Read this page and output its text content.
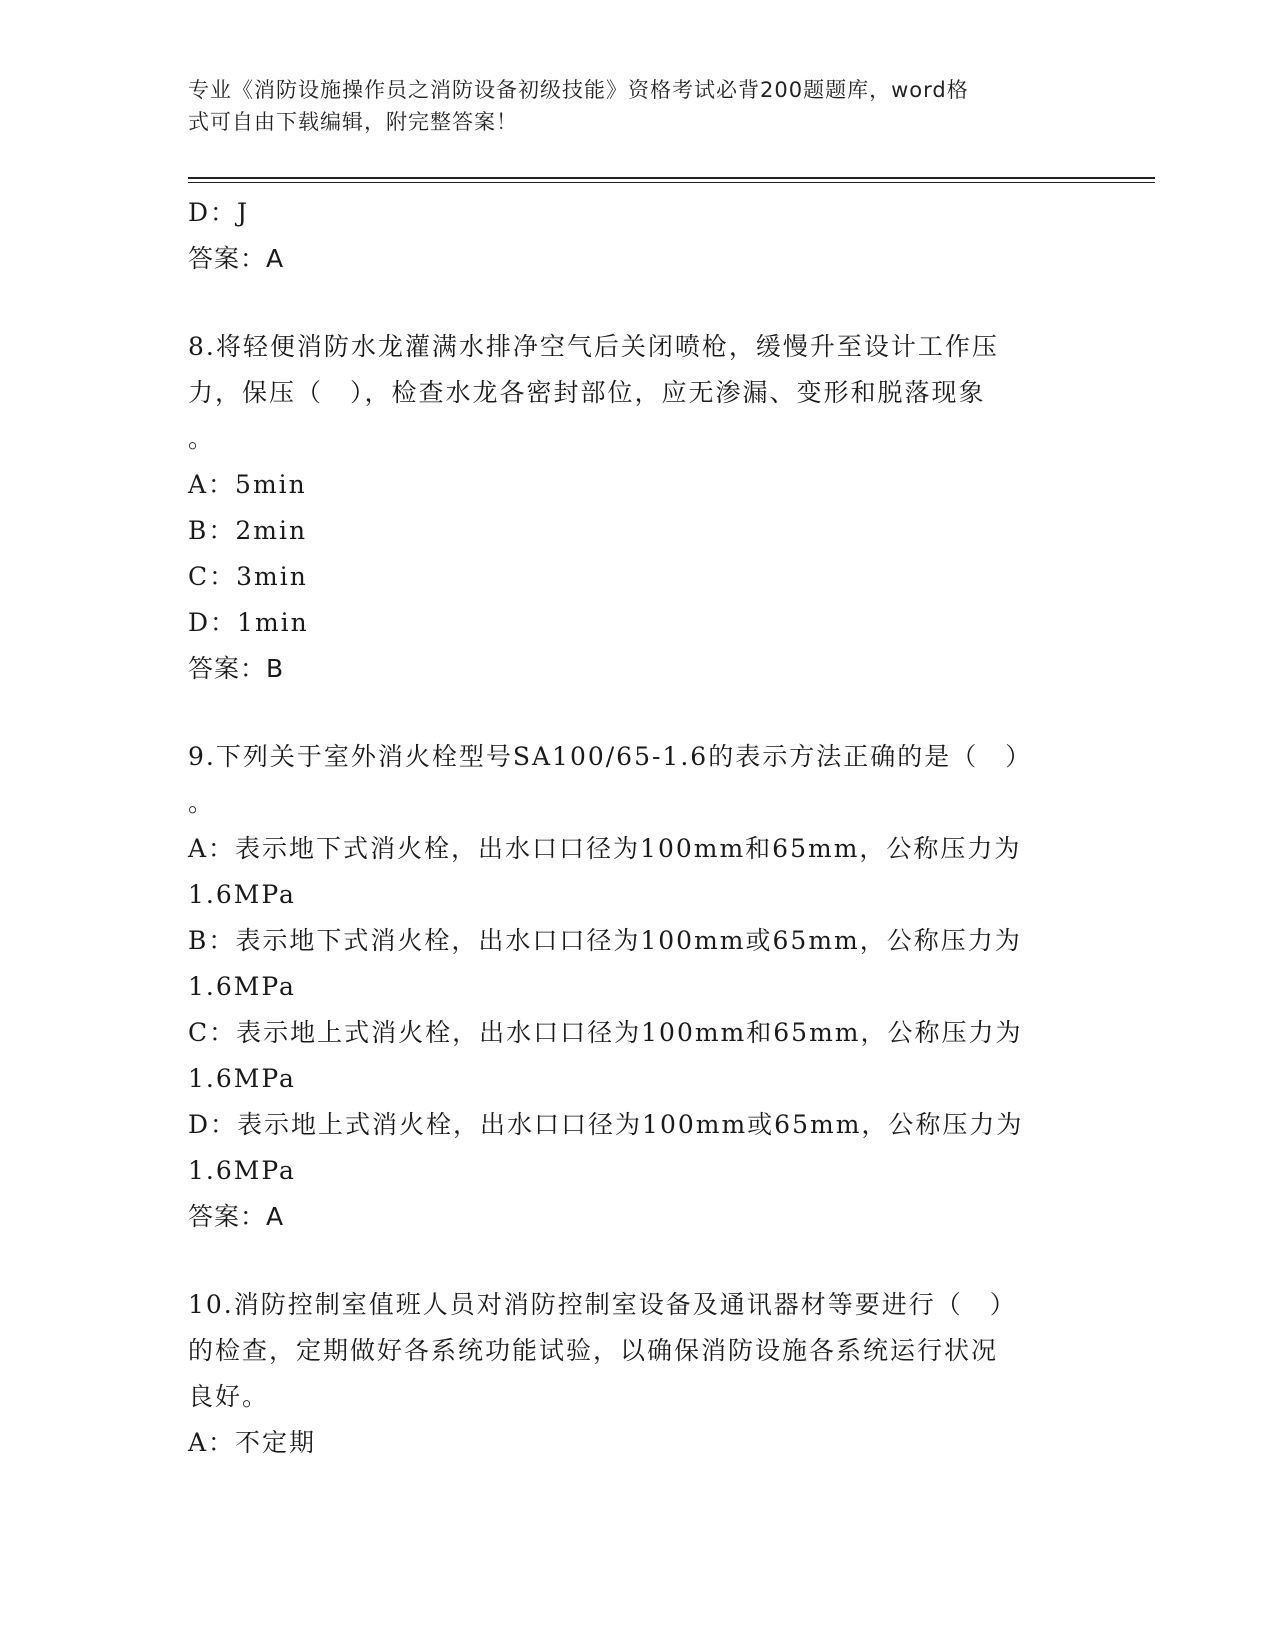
专业《消防设施操作员之消防设备初级技能》资格考试必背200题题库，word格
式可自由下载编辑，附完整答案！
D：J
答案：A
8.将轻便消防水龙灌满水排净空气后关闭喷枪，缓慢升至设计工作压
力，保压（　），检查水龙各密封部位，应无渗漏、变形和脱落现象
。
A：5min
B：2min
C：3min
D：1min
答案：B
9.下列关于室外消火栓型号SA100/65-1.6的表示方法正确的是（　）
。
A：表示地下式消火栓，出水口口径为100mm和65mm，公称压力为
1.6MPa
B：表示地下式消火栓，出水口口径为100mm或65mm，公称压力为
1.6MPa
C：表示地上式消火栓，出水口口径为100mm和65mm，公称压力为
1.6MPa
D：表示地上式消火栓，出水口口径为100mm或65mm，公称压力为
1.6MPa
答案：A
10.消防控制室值班人员对消防控制室设备及通讯器材等要进行（　）
的检查，定期做好各系统功能试验，以确保消防设施各系统运行状况
良好。
A：不定期
